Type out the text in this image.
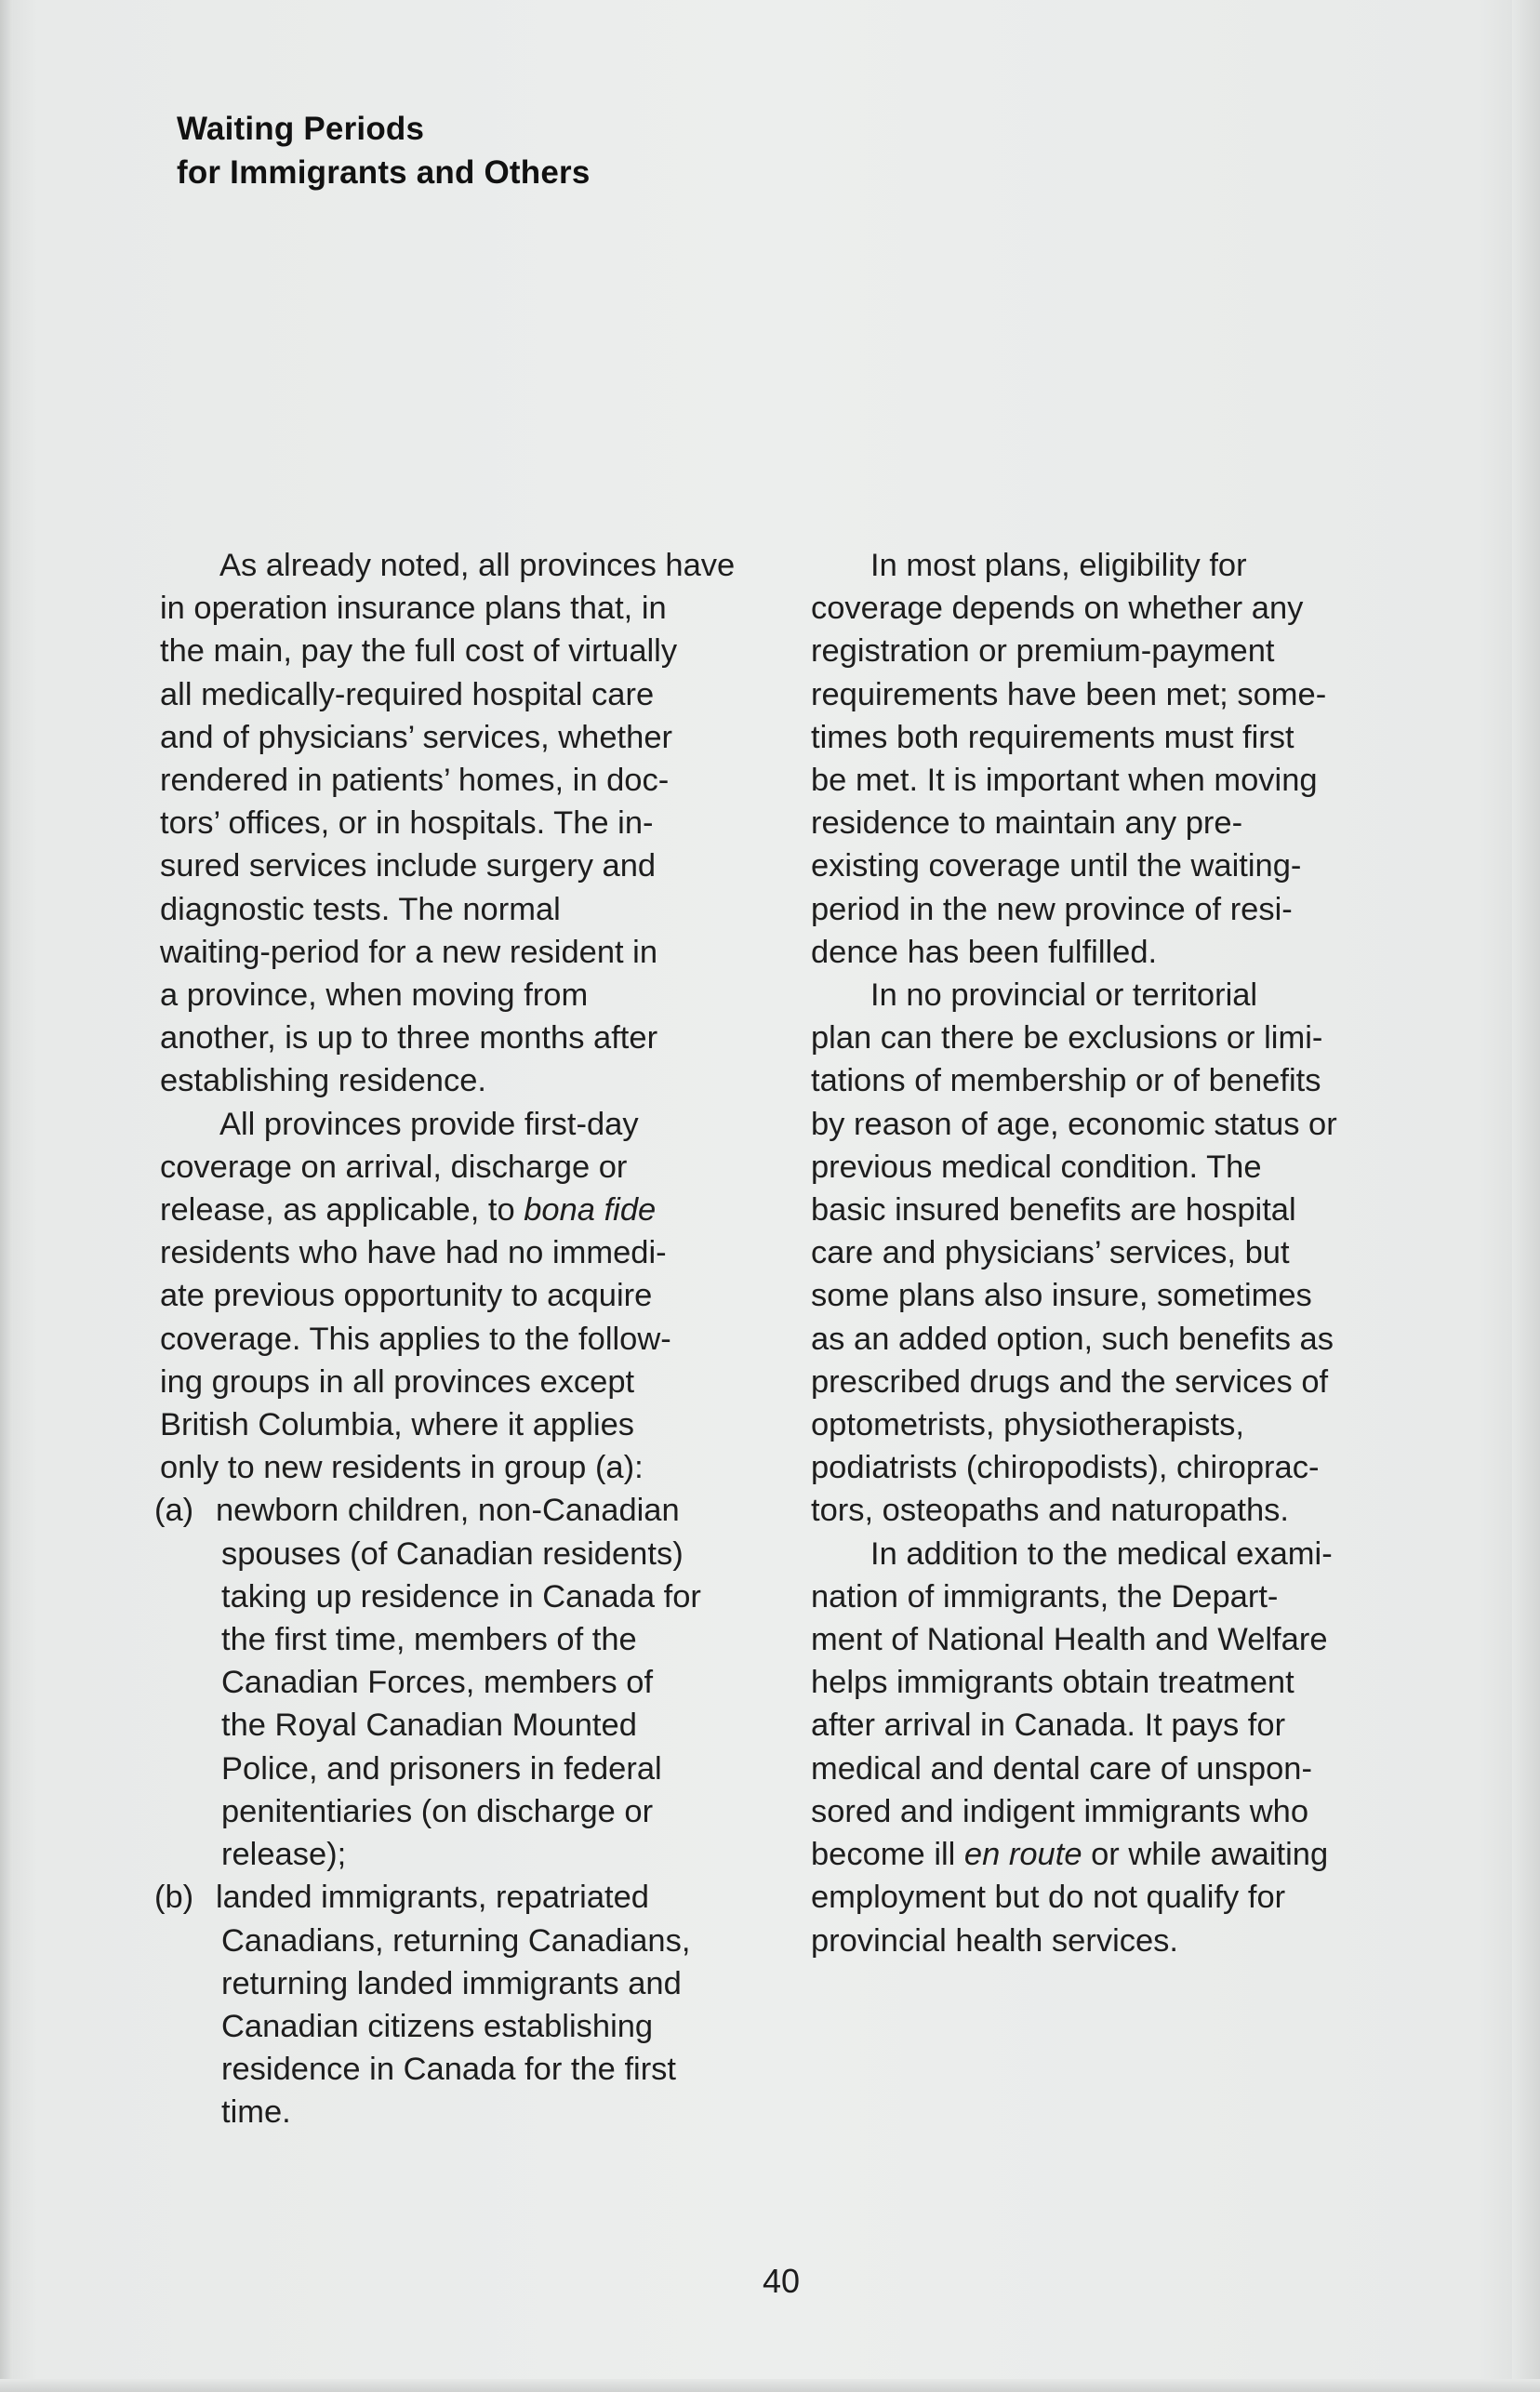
Waiting Periods
for Immigrants and Others
As already noted, all provinces have
in operation insurance plans that, in
the main, pay the full cost of virtually
all medically-required hospital care
and of physicians’ services, whether
rendered in patients’ homes, in doc-
tors’ offices, or in hospitals. The in-
sured services include surgery and
diagnostic tests. The normal
waiting-period for a new resident in
a province, when moving from
another, is up to three months after
establishing residence.
All provinces provide first-day
coverage on arrival, discharge or
release, as applicable, to bona fide
residents who have had no immedi-
ate previous opportunity to acquire
coverage. This applies to the follow-
ing groups in all provinces except
British Columbia, where it applies
only to new residents in group (a):
(a) newborn children, non-Canadian
spouses (of Canadian residents)
taking up residence in Canada for
the first time, members of the
Canadian Forces, members of
the Royal Canadian Mounted
Police, and prisoners in federal
penitentiaries (on discharge or
release);
(b) landed immigrants, repatriated
Canadians, returning Canadians,
returning landed immigrants and
Canadian citizens establishing
residence in Canada for the first
time.
In most plans, eligibility for
coverage depends on whether any
registration or premium-payment
requirements have been met; some-
times both requirements must first
be met. It is important when moving
residence to maintain any pre-
existing coverage until the waiting-
period in the new province of resi-
dence has been fulfilled.
In no provincial or territorial
plan can there be exclusions or limi-
tations of membership or of benefits
by reason of age, economic status or
previous medical condition. The
basic insured benefits are hospital
care and physicians’ services, but
some plans also insure, sometimes
as an added option, such benefits as
prescribed drugs and the services of
optometrists, physiotherapists,
podiatrists (chiropodists), chiroprac-
tors, osteopaths and naturopaths.
In addition to the medical exami-
nation of immigrants, the Depart-
ment of National Health and Welfare
helps immigrants obtain treatment
after arrival in Canada. It pays for
medical and dental care of unspon-
sored and indigent immigrants who
become ill en route or while awaiting
employment but do not qualify for
provincial health services.
40
